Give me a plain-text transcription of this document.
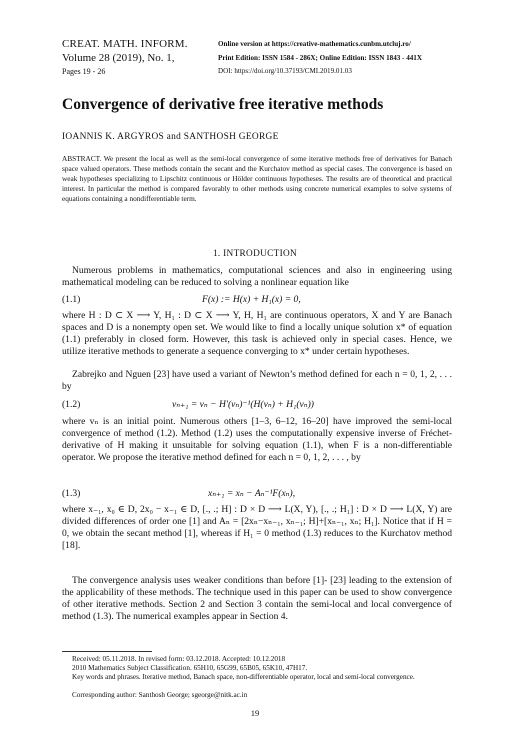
CREAT. MATH. INFORM.
Volume 28 (2019), No. 1,
Pages 19 - 26
Online version at https://creative-mathematics.cunbm.utcluj.ro/
Print Edition: ISSN 1584 - 286X; Online Edition: ISSN 1843 - 441X
DOI: https://doi.org/10.37193/CMI.2019.01.03
Convergence of derivative free iterative methods
IOANNIS K. ARGYROS and SANTHOSH GEORGE
ABSTRACT. We present the local as well as the semi-local convergence of some iterative methods free of derivatives for Banach space valued operators. These methods contain the secant and the Kurchatov method as special cases. The convergence is based on weak hypotheses specializing to Lipschitz continuous or Hölder continuous hypotheses. The results are of theoretical and practical interest. In particular the method is compared favorably to other methods using concrete numerical examples to solve systems of equations containing a nondifferentiable term.
1. INTRODUCTION
Numerous problems in mathematics, computational sciences and also in engineering using mathematical modeling can be reduced to solving a nonlinear equation like
(1.1)	F(x) := H(x) + H₁(x) = 0,
where H : D ⊂ X ⟶ Y, H₁ : D ⊂ X ⟶ Y, H, H₁ are continuous operators, X and Y are Banach spaces and D is a nonempty open set. We would like to find a locally unique solution x* of equation (1.1) preferably in closed form. However, this task is achieved only in special cases. Hence, we utilize iterative methods to generate a sequence converging to x* under certain hypotheses.
Zabrejko and Nguen [23] have used a variant of Newton’s method defined for each n = 0, 1, 2, . . . by
(1.2)	vₙ₊₁ = vₙ − H′(vₙ)⁻¹(H(vₙ) + H₁(vₙ))
where vₙ is an initial point. Numerous others [1–3, 6–12, 16–20] have improved the semi-local convergence of method (1.2). Method (1.2) uses the computationally expensive inverse of Fréchet-derivative of H making it unsuitable for solving equation (1.1), when F is a non-differentiable operator. We propose the iterative method defined for each n = 0, 1, 2, . . . , by
(1.3)	xₙ₊₁ = xₙ − Aₙ⁻¹F(xₙ),
where x₋₁, x₀ ∈ D, 2x₀ − x₋₁ ∈ D, [., .; H] : D × D ⟶ L(X, Y), [., .; H₁] : D × D ⟶ L(X, Y) are divided differences of order one [1] and Aₙ = [2xₙ−xₙ₋₁, xₙ₋₁; H]+[xₙ₋₁, xₙ; H₁]. Notice that if H = 0, we obtain the secant method [1], whereas if H₁ = 0 method (1.3) reduces to the Kurchatov method [18].
The convergence analysis uses weaker conditions than before [1]- [23] leading to the extension of the applicability of these methods. The technique used in this paper can be used to show convergence of other iterative methods. Section 2 and Section 3 contain the semi-local and local convergence of method (1.3). The numerical examples appear in Section 4.
Received: 05.11.2018. In revised form: 03.12.2018. Accepted: 10.12.2018
2010 Mathematics Subject Classification. 65H10, 65G99, 65B05, 65K10, 47H17.
Key words and phrases. Iterative method, Banach space, non-differentiable operator, local and semi-local convergence.
Corresponding author: Santhosh George; sgeorge@nitk.ac.in
19
